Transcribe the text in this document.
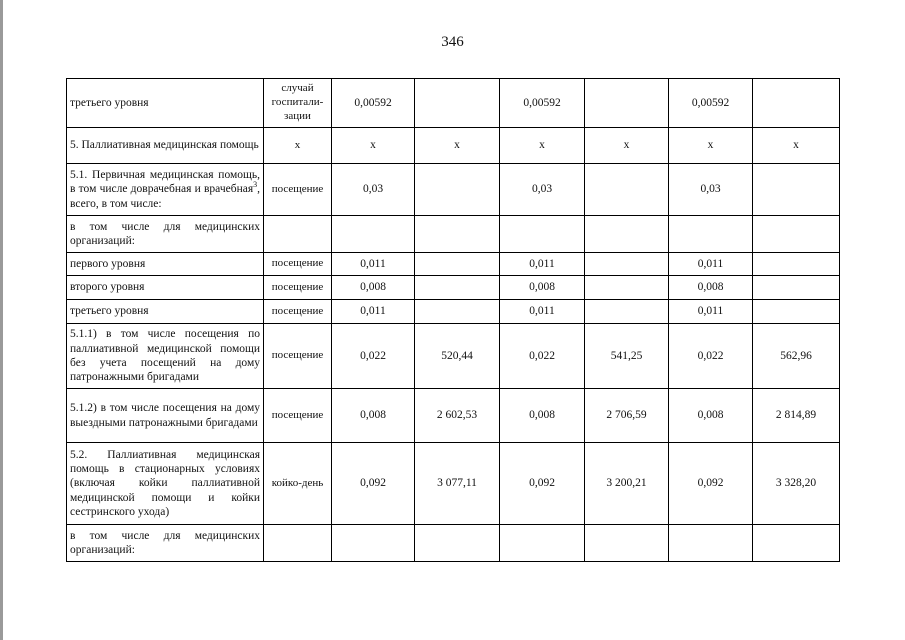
346
третьего уровня	случай госпитали-зации	0,00592		0,00592		0,00592	
5. Паллиативная медицинская помощь	х	х	х	х	х	х	х
5.1. Первичная медицинская помощь, в том числе доврачебная и врачебная$^3$, всего, в том числе:	посещение	0,03		0,03		0,03	
в том числе для медицинских организаций:							
первого уровня	посещение	0,011		0,011		0,011	
второго уровня	посещение	0,008		0,008		0,008	
третьего уровня	посещение	0,011		0,011		0,011	
5.1.1) в том числе посещения по паллиативной медицинской помощи без учета посещений на дому патронажными бригадами	посещение	0,022	520,44	0,022	541,25	0,022	562,96
5.1.2) в том числе посещения на дому выездными патронажными бригадами	посещение	0,008	2 602,53	0,008	2 706,59	0,008	2 814,89
5.2. Паллиативная медицинская помощь в стационарных условиях (включая койки паллиативной медицинской помощи и койки сестринского ухода)	койко-день	0,092	3 077,11	0,092	3 200,21	0,092	3 328,20
в том числе для медицинских организаций:							
